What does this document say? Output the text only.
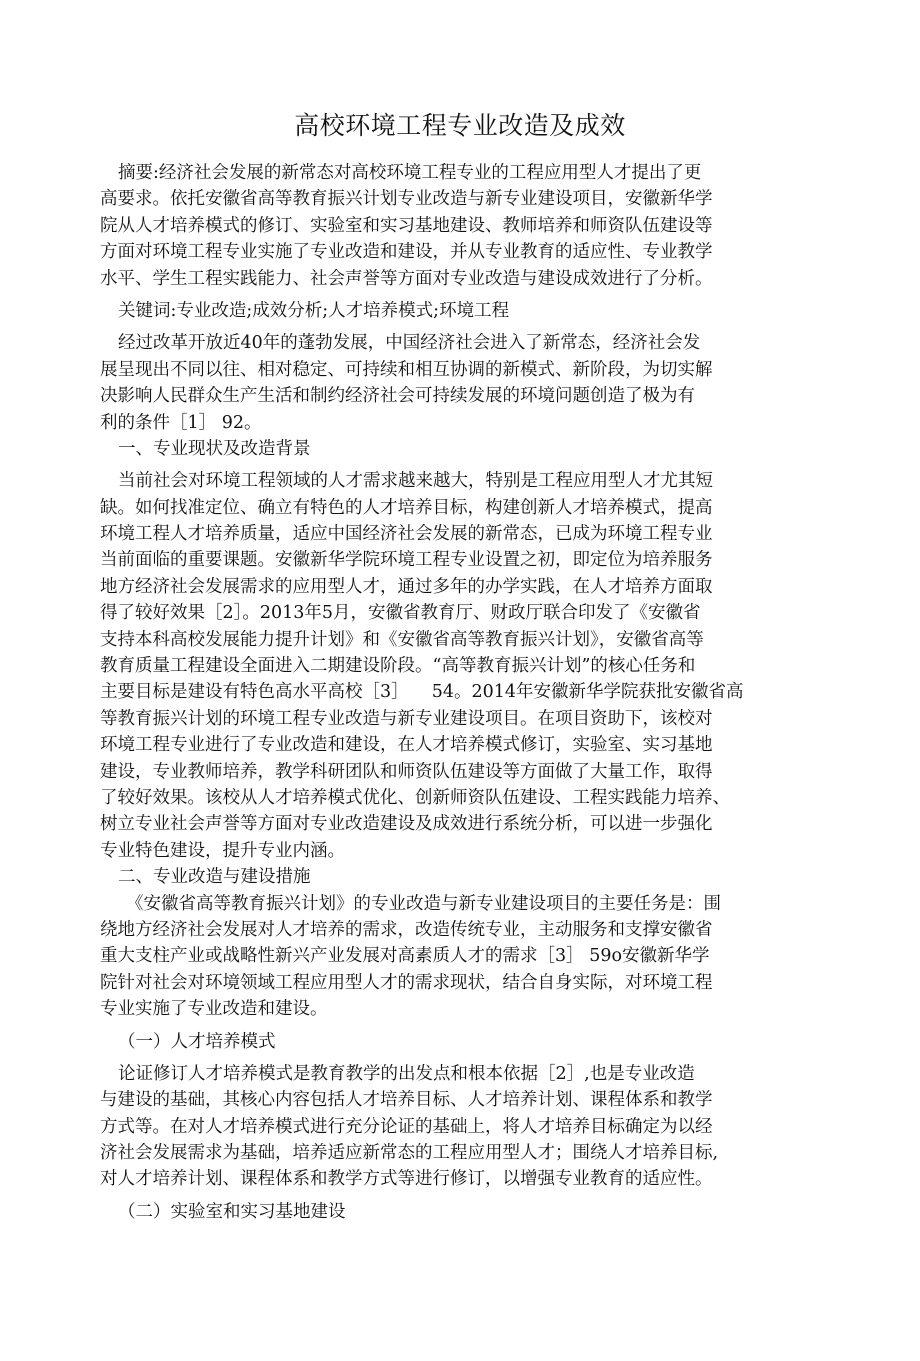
高校环境工程专业改造及成效
摘要:经济社会发展的新常态对高校环境工程专业的工程应用型人才提出了更
高要求。依托安徽省高等教育振兴计划专业改造与新专业建设项目，安徽新华学
院从人才培养模式的修订、实验室和实习基地建设、教师培养和师资队伍建设等
方面对环境工程专业实施了专业改造和建设，并从专业教育的适应性、专业教学
水平、学生工程实践能力、社会声誉等方面对专业改造与建设成效进行了分析。
关键词:专业改造;成效分析;人才培养模式;环境工程
经过改革开放近40年的蓬勃发展，中国经济社会进入了新常态，经济社会发
展呈现出不同以往、相对稳定、可持续和相互协调的新模式、新阶段，为切实解
决影响人民群众生产生活和制约经济社会可持续发展的环境问题创造了极为有
利的条件［1］ 92。
一、专业现状及改造背景
当前社会对环境工程领域的人才需求越来越大，特别是工程应用型人才尤其短
缺。如何找准定位、确立有特色的人才培养目标，构建创新人才培养模式，提高
环境工程人才培养质量，适应中国经济社会发展的新常态，已成为环境工程专业
当前面临的重要课题。安徽新华学院环境工程专业设置之初，即定位为培养服务
地方经济社会发展需求的应用型人才，通过多年的办学实践，在人才培养方面取
得了较好效果［2］。2013年5月，安徽省教育厅、财政厅联合印发了《安徽省
支持本科高校发展能力提升计划》和《安徽省高等教育振兴计划》，安徽省高等
教育质量工程建设全面进入二期建设阶段。“高等教育振兴计划”的核心任务和
主要目标是建设有特色高水平高校［3］ 　54。2014年安徽新华学院获批安徽省高
等教育振兴计划的环境工程专业改造与新专业建设项目。在项目资助下，该校对
环境工程专业进行了专业改造和建设，在人才培养模式修订，实验室、实习基地
建设，专业教师培养，教学科研团队和师资队伍建设等方面做了大量工作，取得
了较好效果。该校从人才培养模式优化、创新师资队伍建设、工程实践能力培养、
树立专业社会声誉等方面对专业改造建设及成效进行系统分析，可以进一步强化
专业特色建设，提升专业内涵。
二、专业改造与建设措施
《安徽省高等教育振兴计划》的专业改造与新专业建设项目的主要任务是：围
绕地方经济社会发展对人才培养的需求，改造传统专业，主动服务和支撑安徽省
重大支柱产业或战略性新兴产业发展对高素质人才的需求［3］ 59o安徽新华学
院针对社会对环境领域工程应用型人才的需求现状，结合自身实际，对环境工程
专业实施了专业改造和建设。
（一）人才培养模式
论证修订人才培养模式是教育教学的出发点和根本依据［2］,也是专业改造
与建设的基础，其核心内容包括人才培养目标、人才培养计划、课程体系和教学
方式等。在对人才培养模式进行充分论证的基础上，将人才培养目标确定为以经
济社会发展需求为基础，培养适应新常态的工程应用型人才；围绕人才培养目标,
对人才培养计划、课程体系和教学方式等进行修订，以增强专业教育的适应性。
（二）实验室和实习基地建设
